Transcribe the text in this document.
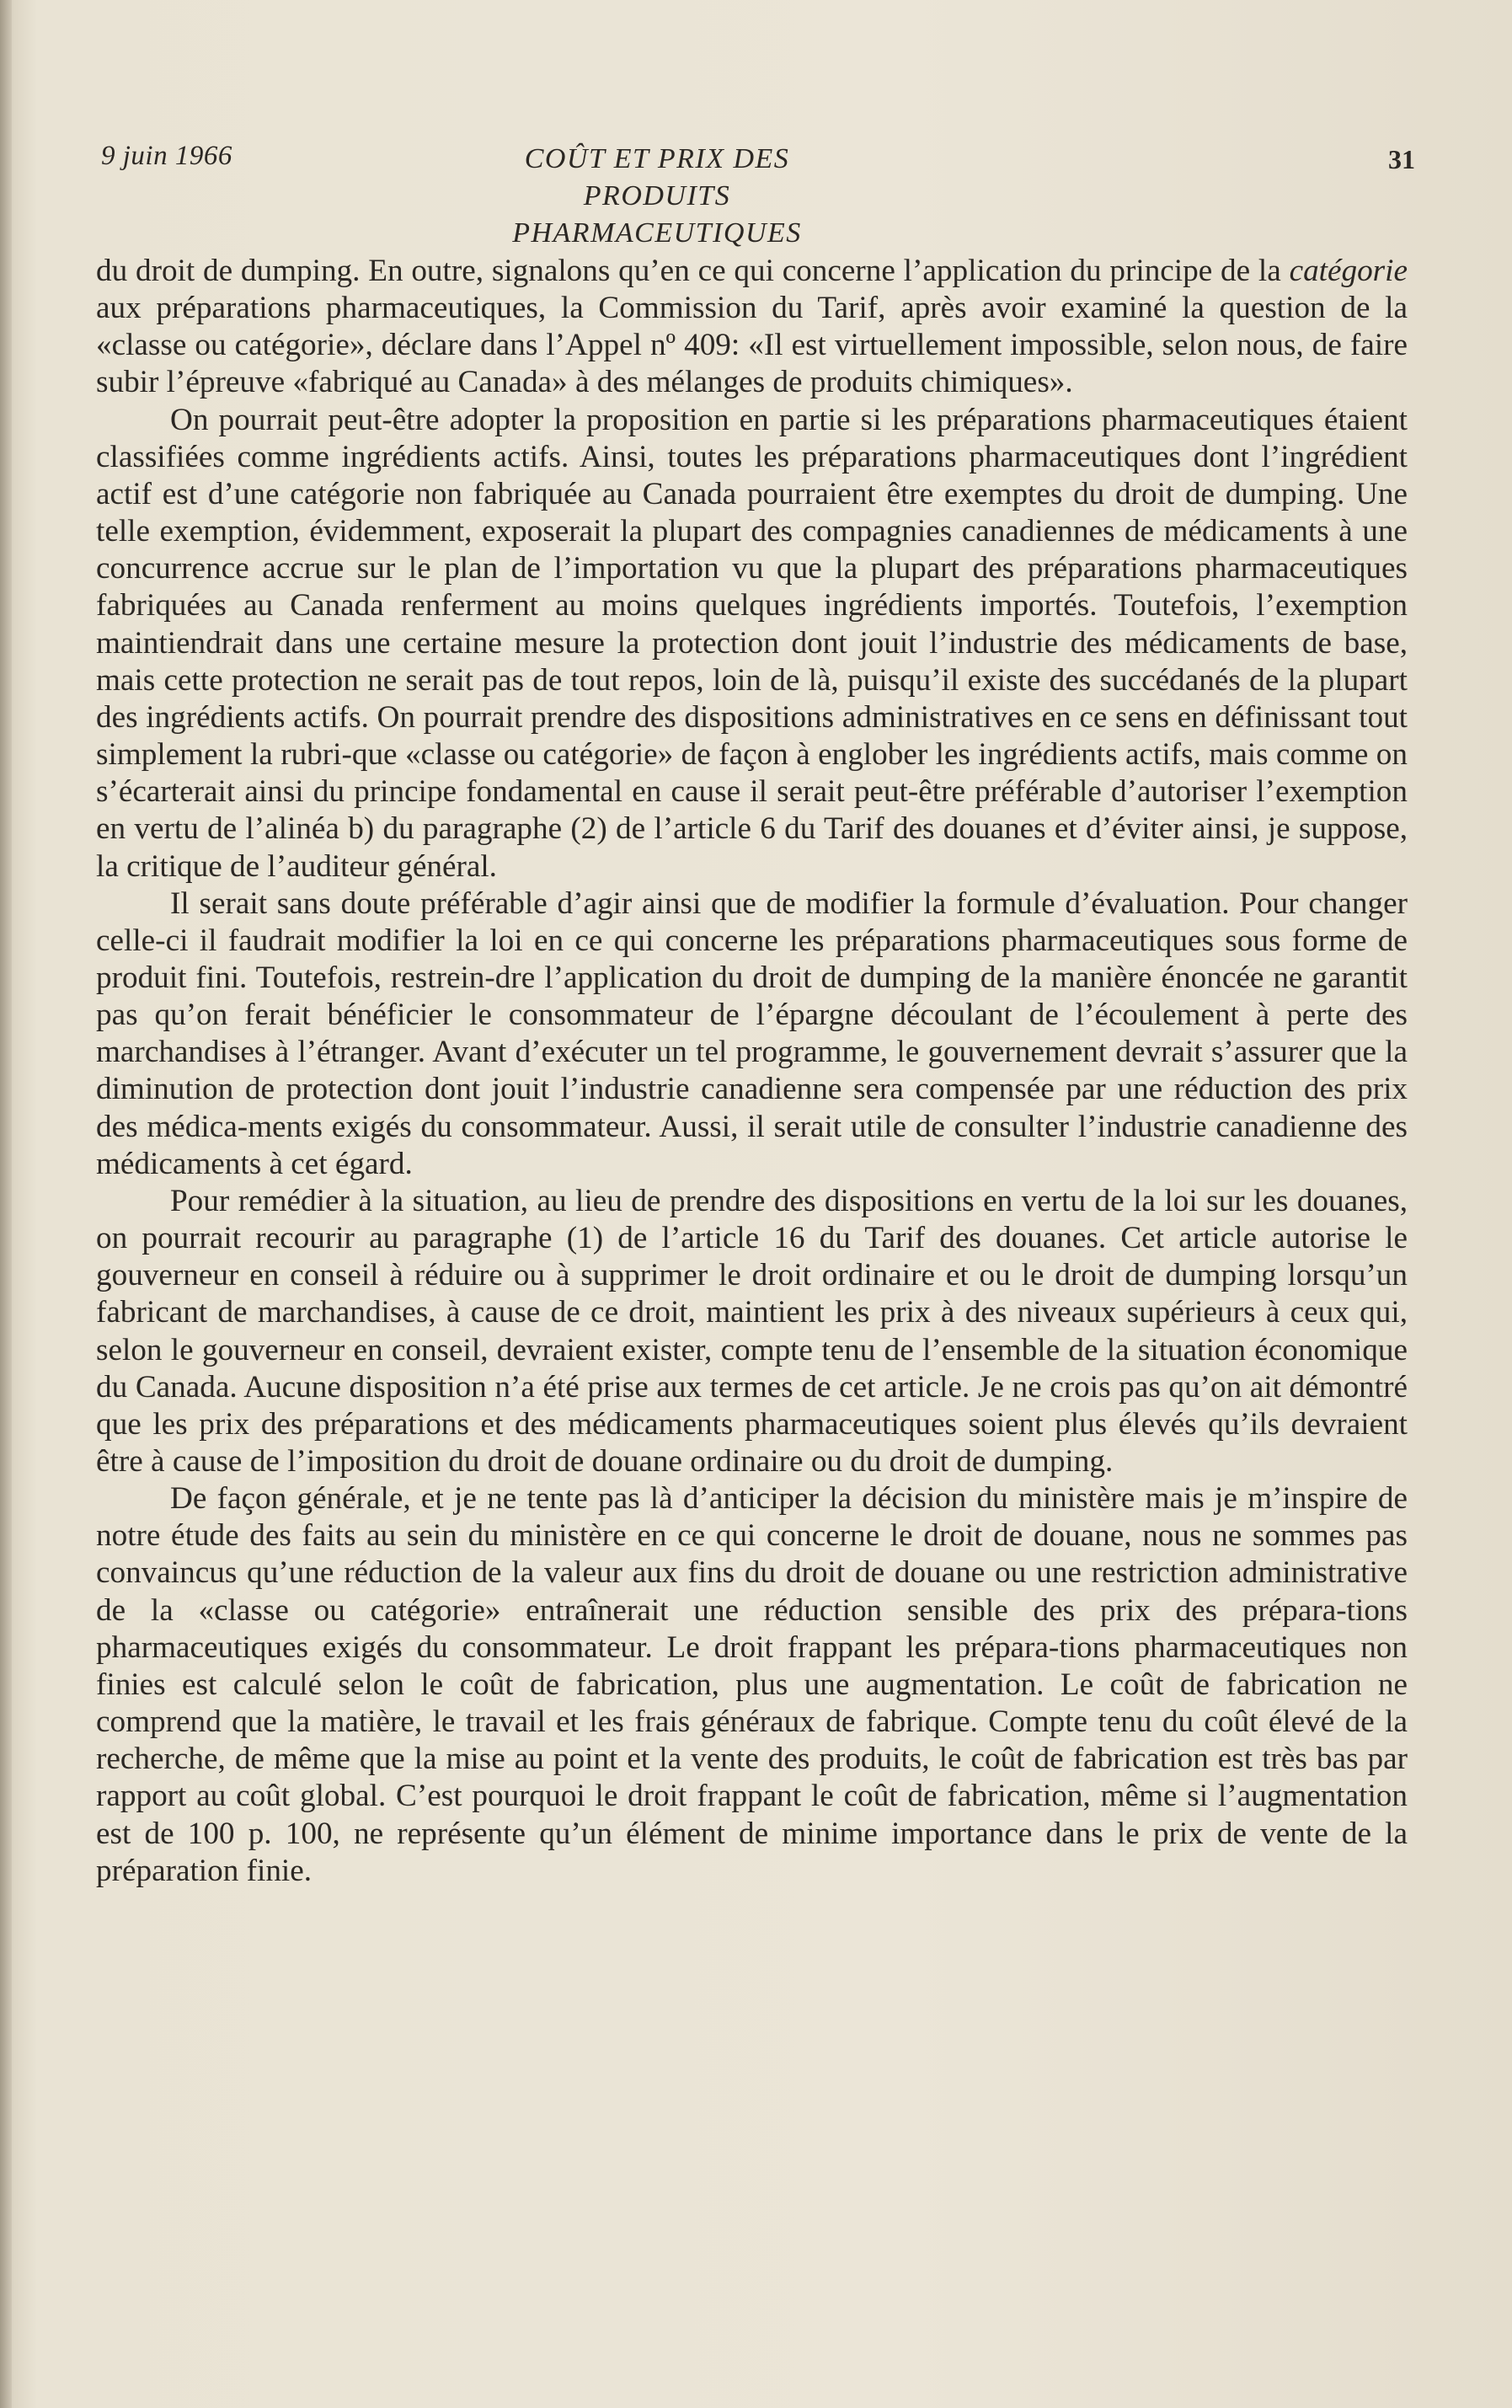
9 juin 1966	COÛT ET PRIX DES PRODUITS PHARMACEUTIQUES
31

du droit de dumping. En outre, signalons qu’en ce qui concerne l’application du principe de la catégorie aux préparations pharmaceutiques, la Commission du Tarif, après avoir examiné la question de la «classe ou catégorie», déclare dans l’Appel nº 409: «Il est virtuellement impossible, selon nous, de faire subir l’épreuve «fabriqué au Canada» à des mélanges de produits chimiques».

On pourrait peut-être adopter la proposition en partie si les préparations pharmaceutiques étaient classifiées comme ingrédients actifs. Ainsi, toutes les préparations pharmaceutiques dont l’ingrédient actif est d’une catégorie non fabriquée au Canada pourraient être exemptes du droit de dumping. Une telle exemption, évidemment, exposerait la plupart des compagnies canadiennes de médicaments à une concurrence accrue sur le plan de l’importation vu que la plupart des préparations pharmaceutiques fabriquées au Canada renferment au moins quelques ingrédients importés. Toutefois, l’exemption maintiendrait dans une certaine mesure la protection dont jouit l’industrie des médicaments de base, mais cette protection ne serait pas de tout repos, loin de là, puisqu’il existe des succédanés de la plupart des ingrédients actifs. On pourrait prendre des dispositions administratives en ce sens en définissant tout simplement la rubri-que «classe ou catégorie» de façon à englober les ingrédients actifs, mais comme on s’écarterait ainsi du principe fondamental en cause il serait peut-être préférable d’autoriser l’exemption en vertu de l’alinéa b) du paragraphe (2) de l’article 6 du Tarif des douanes et d’éviter ainsi, je suppose, la critique de l’auditeur général.

Il serait sans doute préférable d’agir ainsi que de modifier la formule d’évaluation. Pour changer celle-ci il faudrait modifier la loi en ce qui concerne les préparations pharmaceutiques sous forme de produit fini. Toutefois, restrein-dre l’application du droit de dumping de la manière énoncée ne garantit pas qu’on ferait bénéficier le consommateur de l’épargne découlant de l’écoulement à perte des marchandises à l’étranger. Avant d’exécuter un tel programme, le gouvernement devrait s’assurer que la diminution de protection dont jouit l’industrie canadienne sera compensée par une réduction des prix des médica-ments exigés du consommateur. Aussi, il serait utile de consulter l’industrie canadienne des médicaments à cet égard.

Pour remédier à la situation, au lieu de prendre des dispositions en vertu de la loi sur les douanes, on pourrait recourir au paragraphe (1) de l’article 16 du Tarif des douanes. Cet article autorise le gouverneur en conseil à réduire ou à supprimer le droit ordinaire et ou le droit de dumping lorsqu’un fabricant de marchandises, à cause de ce droit, maintient les prix à des niveaux supérieurs à ceux qui, selon le gouverneur en conseil, devraient exister, compte tenu de l’ensemble de la situation économique du Canada. Aucune disposition n’a été prise aux termes de cet article. Je ne crois pas qu’on ait démontré que les prix des préparations et des médicaments pharmaceutiques soient plus élevés qu’ils devraient être à cause de l’imposition du droit de douane ordinaire ou du droit de dumping.

De façon générale, et je ne tente pas là d’anticiper la décision du ministère mais je m’inspire de notre étude des faits au sein du ministère en ce qui concerne le droit de douane, nous ne sommes pas convaincus qu’une réduction de la valeur aux fins du droit de douane ou une restriction administrative de la «classe ou catégorie» entraînerait une réduction sensible des prix des prépara-tions pharmaceutiques exigés du consommateur. Le droit frappant les prépara-tions pharmaceutiques non finies est calculé selon le coût de fabrication, plus une augmentation. Le coût de fabrication ne comprend que la matière, le travail et les frais généraux de fabrique. Compte tenu du coût élevé de la recherche, de même que la mise au point et la vente des produits, le coût de fabrication est très bas par rapport au coût global. C’est pourquoi le droit frappant le coût de fabrication, même si l’augmentation est de 100 p. 100, ne représente qu’un élément de minime importance dans le prix de vente de la préparation finie.
